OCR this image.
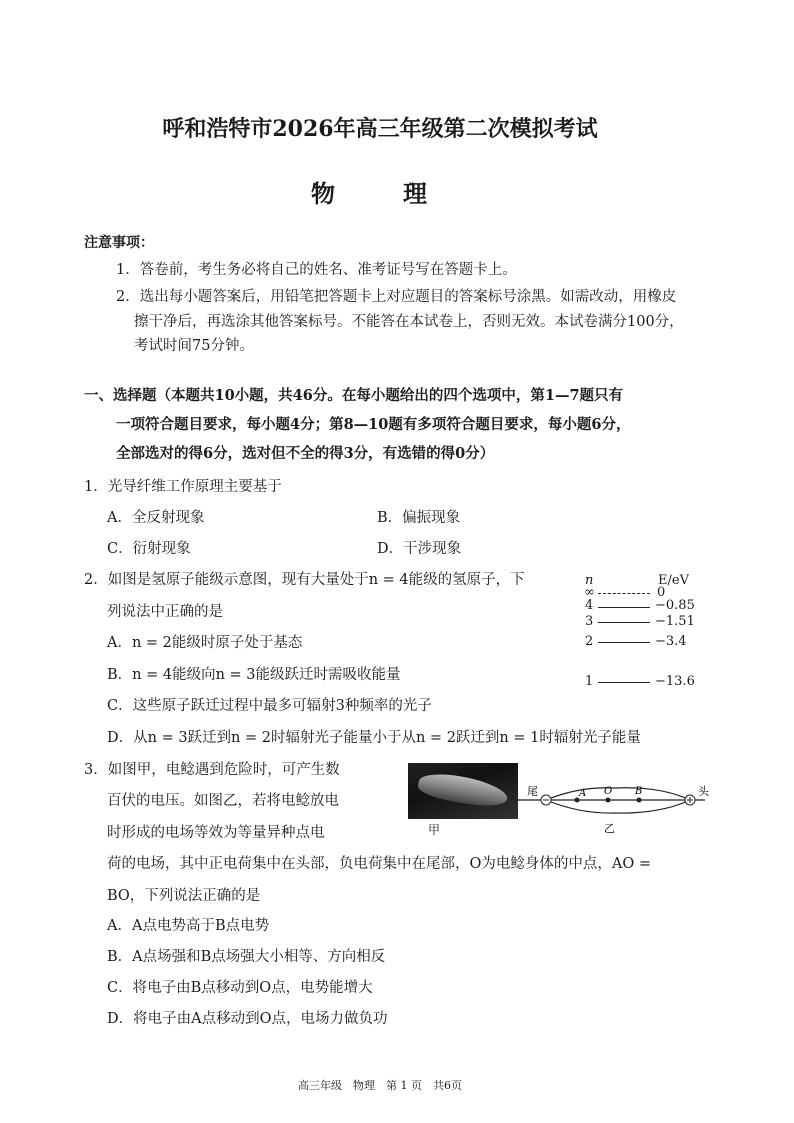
呼和浩特市2026年高三年级第二次模拟考试
物　理
注意事项：
1．答卷前，考生务必将自己的姓名、准考证号写在答题卡上。
2．选出每小题答案后，用铅笔把答题卡上对应题目的答案标号涂黑。如需改动，用橡皮
擦干净后，再选涂其他答案标号。不能答在本试卷上，否则无效。本试卷满分100分，
考试时间75分钟。
一、选择题（本题共10小题，共46分。在每小题给出的四个选项中，第1—7题只有
一项符合题目要求，每小题4分；第8—10题有多项符合题目要求，每小题6分，
全部选对的得6分，选对但不全的得3分，有选错的得0分）
1．光导纤维工作原理主要基于
A．全反射现象	B．偏振现象
C．衍射现象	D．干涉现象
2．如图是氢原子能级示意图，现有大量处于n = 4能级的氢原子，下
列说法中正确的是
A．n = 2能级时原子处于基态
B．n = 4能级向n = 3能级跃迁时需吸收能量
C．这些原子跃迁过程中最多可辐射3种频率的光子
D．从n = 3跃迁到n = 2时辐射光子能量小于从n = 2跃迁到n = 1时辐射光子能量
n	E/eV
∞	0
4	−0.85
3	−1.51
2	−3.4
1	−13.6
3．如图甲，电鲶遇到危险时，可产生数
百伏的电压。如图乙，若将电鲶放电
时形成的电场等效为等量异种点电
荷的电场，其中正电荷集中在头部，负电荷集中在尾部，O为电鲶身体的中点，AO =
BO，下列说法正确的是
A．A点电势高于B点电势
B．A点场强和B点场强大小相等、方向相反
C．将电子由B点移动到O点，电势能增大
D．将电子由A点移动到O点，电场力做负功
甲
A O B
尾	头
乙
高三年级　物理　第 1 页　共6页
